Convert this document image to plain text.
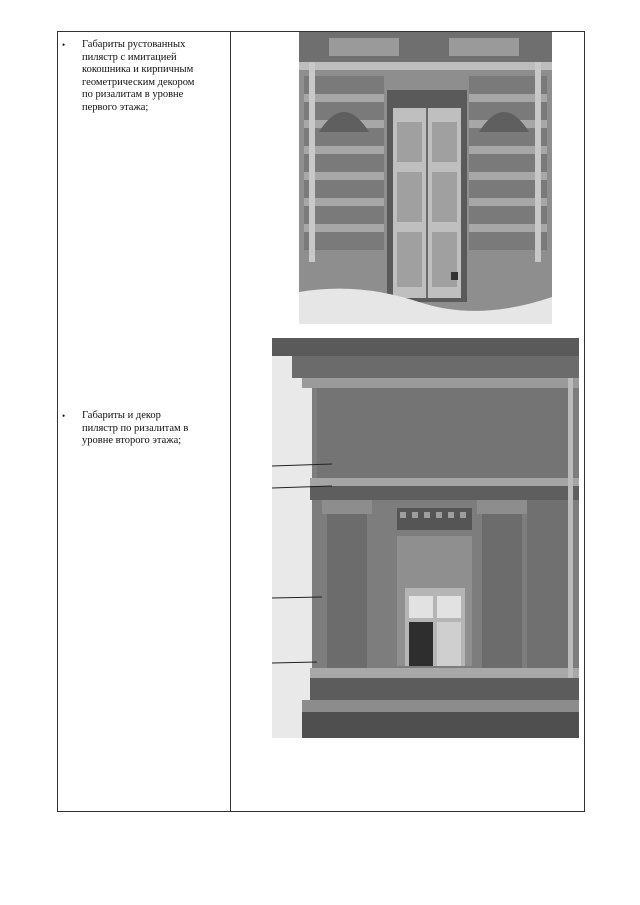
•	Габариты рустованных
пилястр с имитацией
кокошника и кирпичным
геометрическим декором
по ризалитам в уровне
первого этажа;
•	Габариты и декор
пилястр по ризалитам в
уровне второго этажа;
